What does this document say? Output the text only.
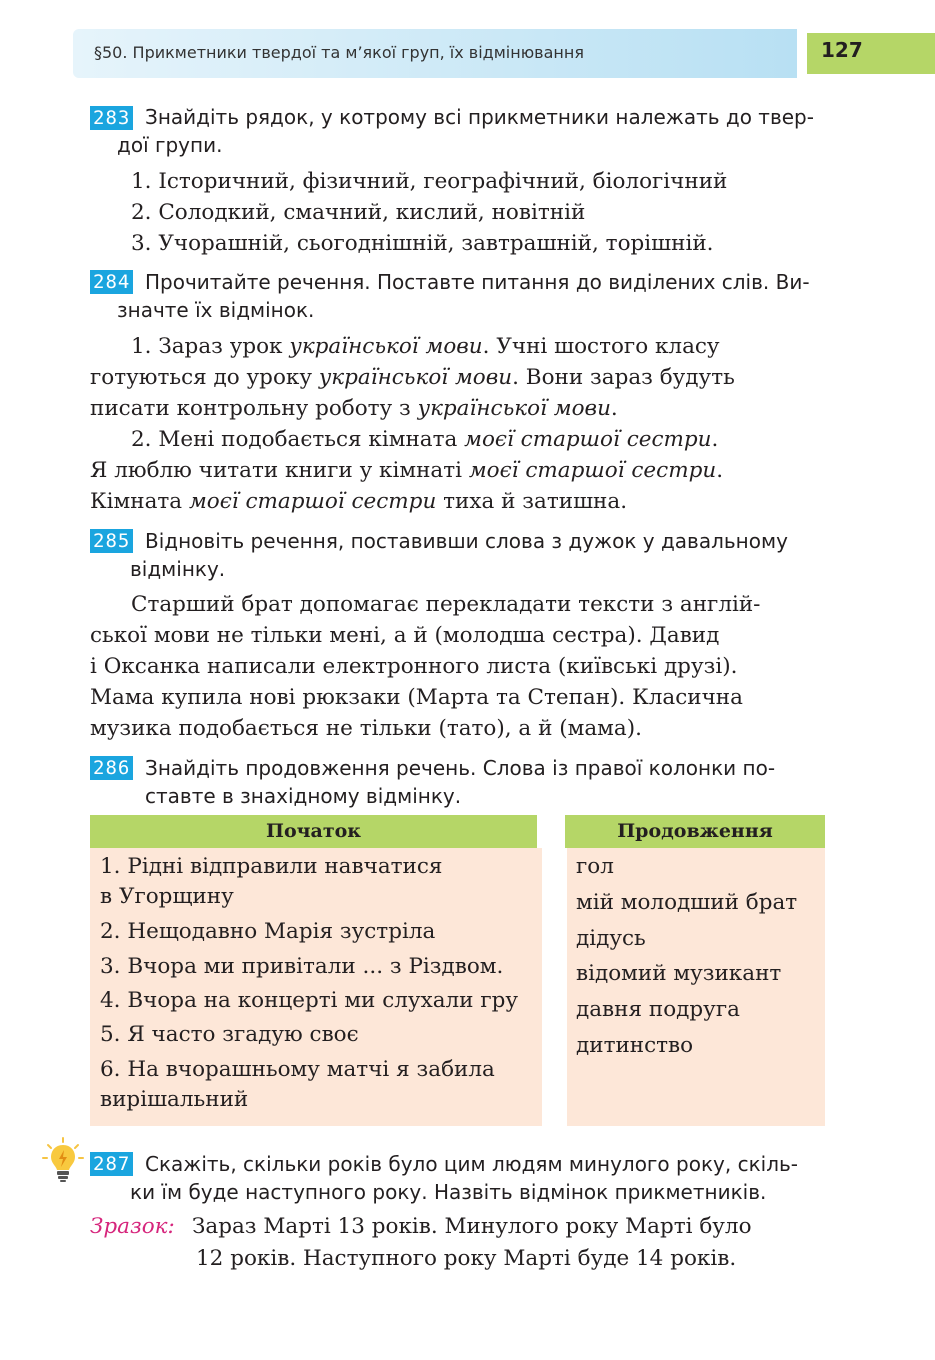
§50. Прикметники твердої та м’якої груп, їх відмінювання	127
283 Знайдіть рядок, у котрому всі прикметники належать до твер-
дої групи.
1. Історичний, фізичний, географічний, біологічний
2. Солодкий, смачний, кислий, новітній
3. Учорашній, сьогоднішній, завтрашній, торішній.
284 Прочитайте речення. Поставте питання до виділених слів. Ви-
значте їх відмінок.
1. Зараз урок української мови. Учні шостого класу
готуються до уроку української мови. Вони зараз будуть
писати контрольну роботу з української мови.
2. Мені подобається кімната моєї старшої сестри.
Я люблю читати книги у кімнаті моєї старшої сестри.
Кімната моєї старшої сестри тиха й затишна.
285 Відновіть речення, поставивши слова з дужок у давальному
відмінку.
Старший брат допомагає перекладати тексти з англій-
ської мови не тільки мені, а й (молодша сестра). Давид
і Оксанка написали електронного листа (київські друзі).
Мама купила нові рюкзаки (Марта та Степан). Класична
музика подобається не тільки (тато), а й (мама).
286 Знайдіть продовження речень. Слова із правої колонки по-
ставте в знахідному відмінку.
Початок	Продовження
1. Рідні відправили навчатися
в Угорщину
2. Нещодавно Марія зустріла
3. Вчора ми привітали ... з Різдвом.
4. Вчора на концерті ми слухали гру
5. Я часто згадую своє
6. На вчорашньому матчі я забила
вирішальний
гол
мій молодший брат
дідусь
відомий музикант
давня подруга
дитинство
287 Скажіть, скільки років було цим людям минулого року, скіль-
ки їм буде наступного року. Назвіть відмінок прикметників.
Зразок: Зараз Марті 13 років. Минулого року Марті було
12 років. Наступного року Марті буде 14 років.
